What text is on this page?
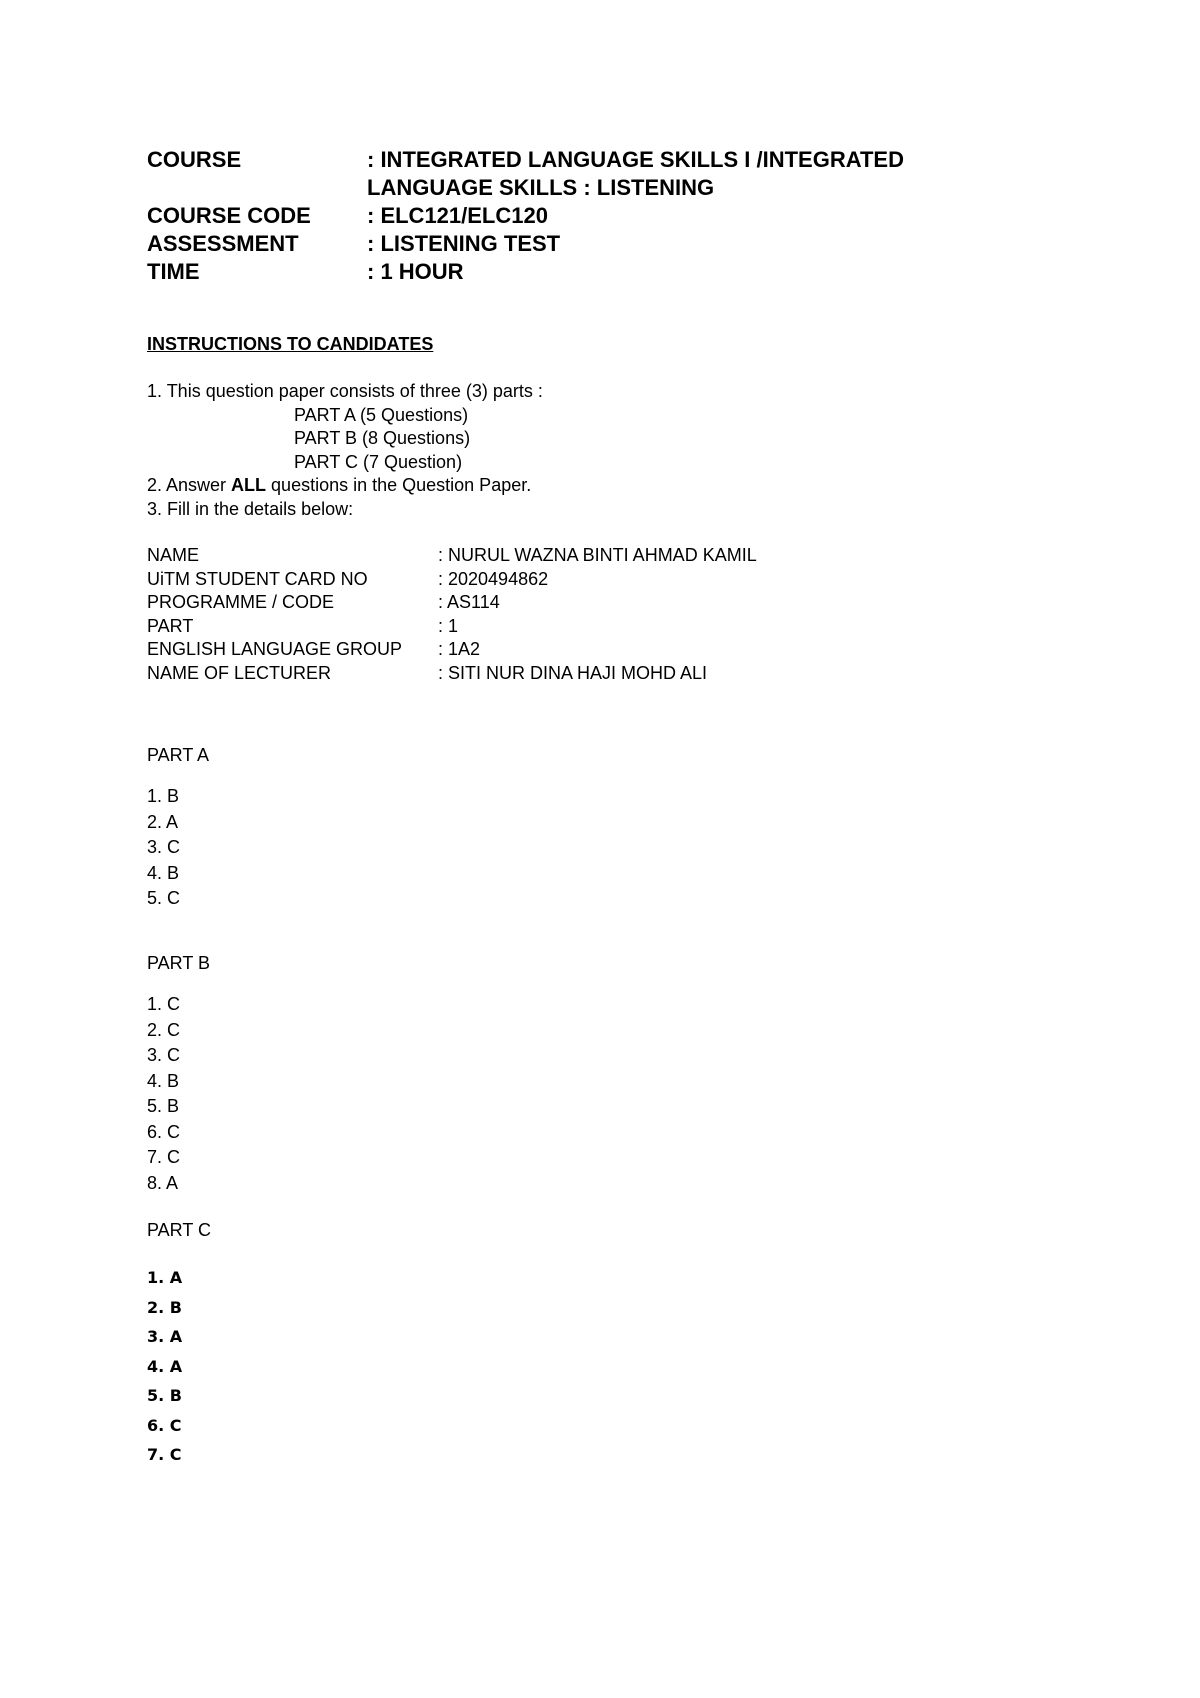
COURSE	: INTEGRATED LANGUAGE SKILLS I /INTEGRATED
LANGUAGE SKILLS : LISTENING
COURSE CODE	: ELC121/ELC120
ASSESSMENT	: LISTENING TEST
TIME	: 1 HOUR
INSTRUCTIONS TO CANDIDATES
1. This question paper consists of three (3) parts :
PART A (5 Questions)
PART B (8 Questions)
PART C (7 Question)
2. Answer ALL questions in the Question Paper.
3. Fill in the details below:
NAME	: NURUL WAZNA BINTI AHMAD KAMIL
UiTM STUDENT CARD NO	: 2020494862
PROGRAMME / CODE	: AS114
PART	: 1
ENGLISH LANGUAGE GROUP : 1A2
NAME OF LECTURER	: SITI NUR DINA HAJI MOHD ALI
PART A
1. B
2. A
3. C
4. B
5. C
PART B
1. C
2. C
3. C
4. B
5. B
6. C
7. C
8. A
PART C
1. A
2. B
3. A
4. A
5. B
6. C
7. C
